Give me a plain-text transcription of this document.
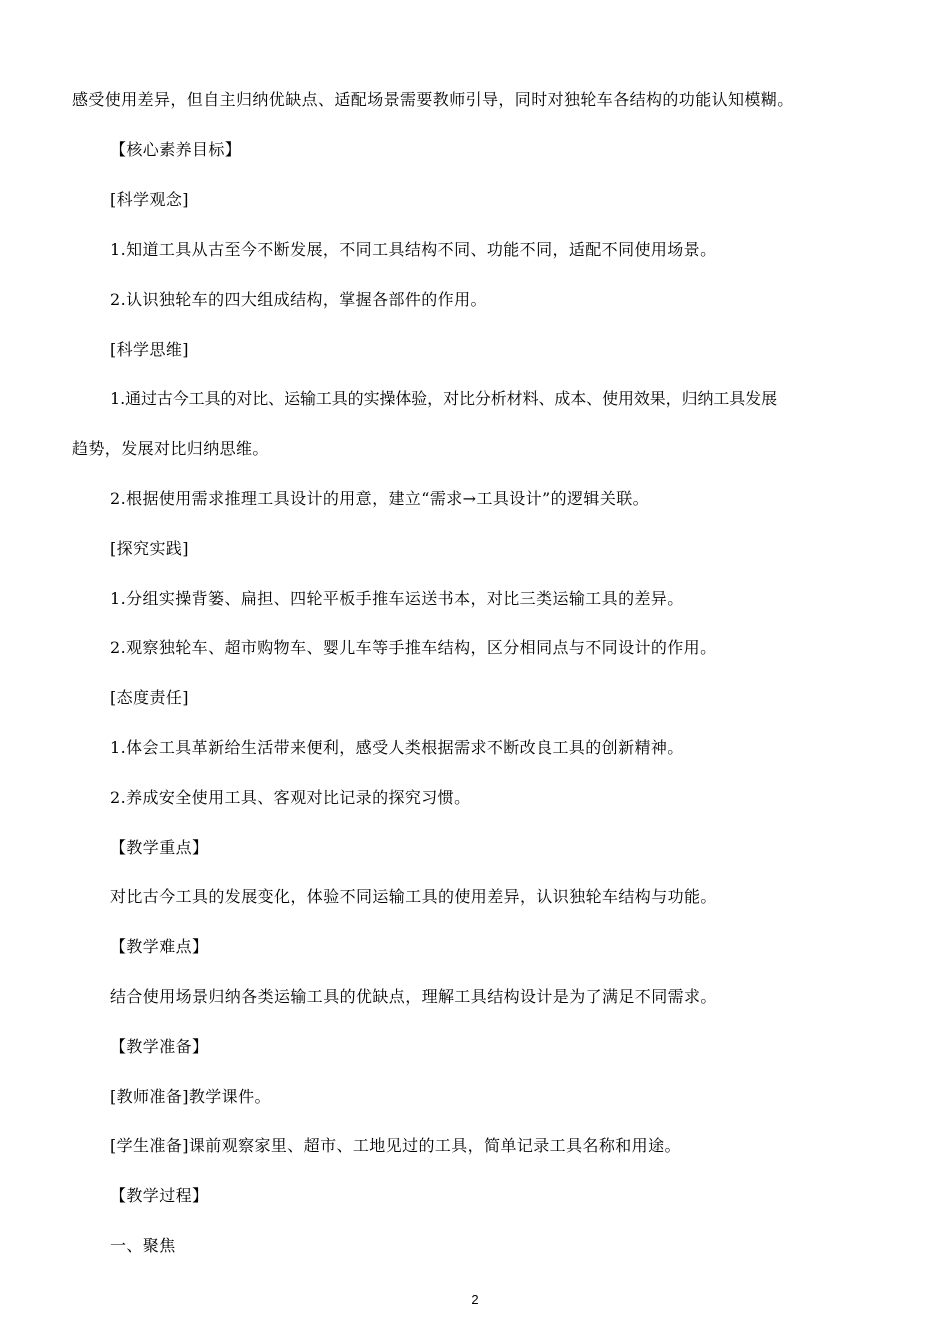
感受使用差异，但自主归纳优缺点、适配场景需要教师引导，同时对独轮车各结构的功能认知模糊。
【核心素养目标】
[科学观念]
1.知道工具从古至今不断发展，不同工具结构不同、功能不同，适配不同使用场景。
2.认识独轮车的四大组成结构，掌握各部件的作用。
[科学思维]
1.通过古今工具的对比、运输工具的实操体验，对比分析材料、成本、使用效果，归纳工具发展
趋势，发展对比归纳思维。
2.根据使用需求推理工具设计的用意，建立“需求→工具设计”的逻辑关联。
[探究实践]
1.分组实操背篓、扁担、四轮平板手推车运送书本，对比三类运输工具的差异。
2.观察独轮车、超市购物车、婴儿车等手推车结构，区分相同点与不同设计的作用。
[态度责任]
1.体会工具革新给生活带来便利，感受人类根据需求不断改良工具的创新精神。
2.养成安全使用工具、客观对比记录的探究习惯。
【教学重点】
对比古今工具的发展变化，体验不同运输工具的使用差异，认识独轮车结构与功能。
【教学难点】
结合使用场景归纳各类运输工具的优缺点，理解工具结构设计是为了满足不同需求。
【教学准备】
[教师准备]教学课件。
[学生准备]课前观察家里、超市、工地见过的工具，简单记录工具名称和用途。
【教学过程】
一、聚焦
2
